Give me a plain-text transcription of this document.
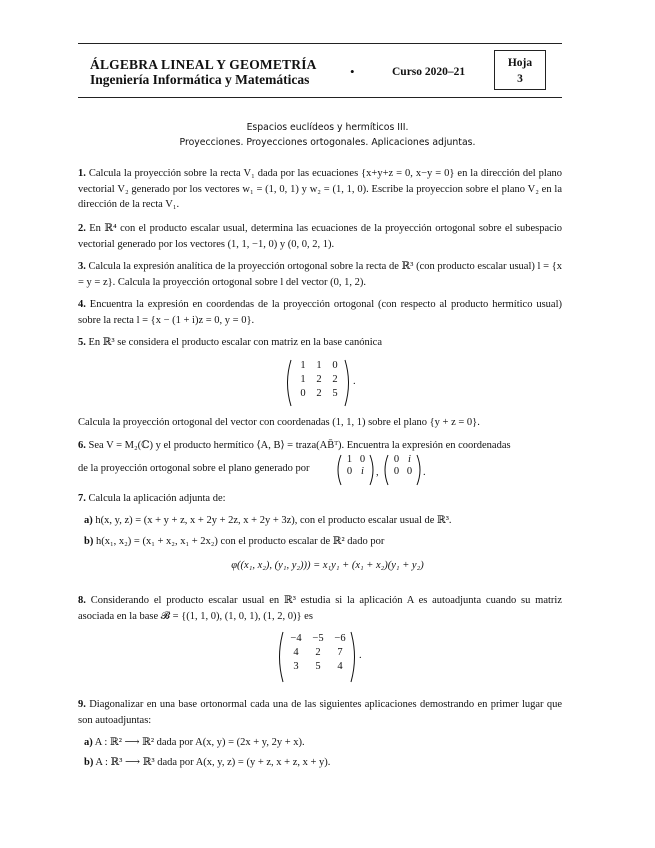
ÁLGEBRA LINEAL Y GEOMETRÍA
Ingeniería Informática y Matemáticas
•	Curso 2020–21
Hoja
3
Espacios euclídeos y hermíticos III.
Proyecciones. Proyecciones ortogonales. Aplicaciones adjuntas.
1. Calcula la proyección sobre la recta V₁ dada por las ecuaciones {x+y+z = 0, x−y = 0} en la dirección del plano vectorial V₂ generado por los vectores w₁ = (1, 0, 1) y w₂ = (1, 1, 0). Escribe la proyeccion sobre el plano V₂ en la dirección de la recta V₁.
2. En ℝ⁴ con el producto escalar usual, determina las ecuaciones de la proyección ortogonal sobre el subespacio vectorial generado por los vectores (1, 1, −1, 0) y (0, 0, 2, 1).
3. Calcula la expresión analítica de la proyección ortogonal sobre la recta de ℝ³ (con producto escalar usual) l = {x = y = z}. Calcula la proyección ortogonal sobre l del vector (0, 1, 2).
4. Encuentra la expresión en coordendas de la proyección ortogonal (con respecto al producto hermítico usual) sobre la recta l = {x − (1 + i)z = 0, y = 0}.
5. En ℝ³ se considera el producto escalar con matriz en la base canónica
1	1	0
1	2	2
0	2	5
.
Calcula la proyección ortogonal del vector con coordenadas (1, 1, 1) sobre el plano {y + z = 0}.
6. Sea V = M₂(ℂ) y el producto hermítico ⟨A, B⟩ = traza(AB̄ᵀ). Encuentra la expresión en coordenadas
de la proyección ortogonal sobre el plano generado por
1 0
0 i	,
0 i
0 0	.
7. Calcula la aplicación adjunta de:
a) h(x, y, z) = (x + y + z, x + 2y + 2z, x + 2y + 3z), con el producto escalar usual de ℝ³.
b) h(x₁, x₂) = (x₁ + x₂, x₁ + 2x₂) con el producto escalar de ℝ² dado por
φ((x₁, x₂), (y₁, y₂))) = x₁y₁ + (x₁ + x₂)(y₁ + y₂)
8. Considerando el producto escalar usual en ℝ³ estudia si la aplicación A es autoadjunta cuando su matriz asociada en la base 𝓑 = {(1, 1, 0), (1, 0, 1), (1, 2, 0)} es
−4	−5	−6
4	2	7
3	5	4
.
9. Diagonalizar en una base ortonormal cada una de las siguientes aplicaciones demostrando en primer lugar que son autoadjuntas:
a) A : ℝ² ⟶ ℝ² dada por A(x, y) = (2x + y, 2y + x).
b) A : ℝ³ ⟶ ℝ³ dada por A(x, y, z) = (y + z, x + z, x + y).
